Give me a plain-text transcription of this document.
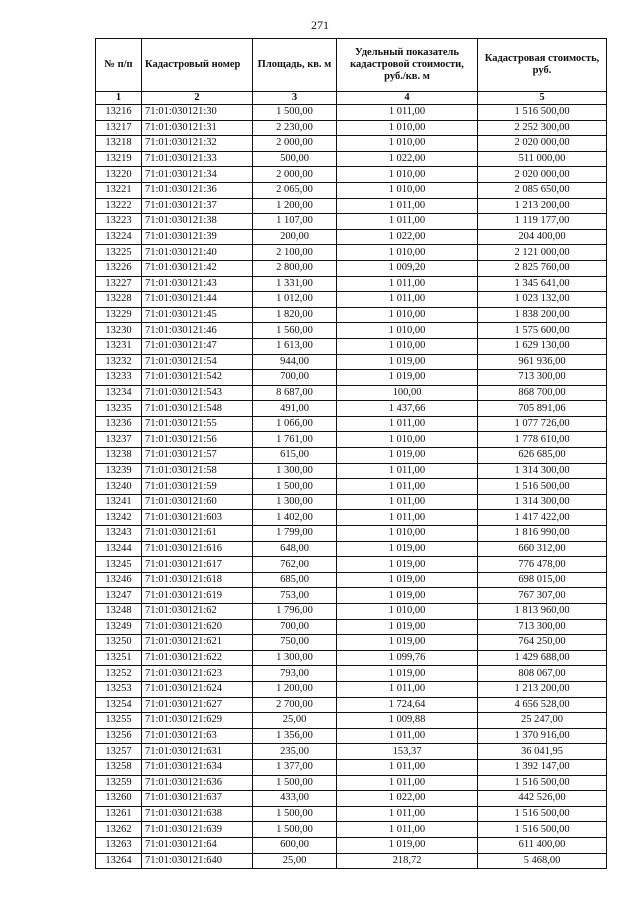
271
№ п/п	Кадастровый номер	Площадь, кв. м	Удельный показатель кадастровой стоимости, руб./кв. м	Кадастровая стоимость, руб.
1	2	3	4	5
13216	71:01:030121:30	1 500,00	1 011,00	1 516 500,00
13217	71:01:030121:31	2 230,00	1 010,00	2 252 300,00
13218	71:01:030121:32	2 000,00	1 010,00	2 020 000,00
13219	71:01:030121:33	500,00	1 022,00	511 000,00
13220	71:01:030121:34	2 000,00	1 010,00	2 020 000,00
13221	71:01:030121:36	2 065,00	1 010,00	2 085 650,00
13222	71:01:030121:37	1 200,00	1 011,00	1 213 200,00
13223	71:01:030121:38	1 107,00	1 011,00	1 119 177,00
13224	71:01:030121:39	200,00	1 022,00	204 400,00
13225	71:01:030121:40	2 100,00	1 010,00	2 121 000,00
13226	71:01:030121:42	2 800,00	1 009,20	2 825 760,00
13227	71:01:030121:43	1 331,00	1 011,00	1 345 641,00
13228	71:01:030121:44	1 012,00	1 011,00	1 023 132,00
13229	71:01:030121:45	1 820,00	1 010,00	1 838 200,00
13230	71:01:030121:46	1 560,00	1 010,00	1 575 600,00
13231	71:01:030121:47	1 613,00	1 010,00	1 629 130,00
13232	71:01:030121:54	944,00	1 019,00	961 936,00
13233	71:01:030121:542	700,00	1 019,00	713 300,00
13234	71:01:030121:543	8 687,00	100,00	868 700,00
13235	71:01:030121:548	491,00	1 437,66	705 891,06
13236	71:01:030121:55	1 066,00	1 011,00	1 077 726,00
13237	71:01:030121:56	1 761,00	1 010,00	1 778 610,00
13238	71:01:030121:57	615,00	1 019,00	626 685,00
13239	71:01:030121:58	1 300,00	1 011,00	1 314 300,00
13240	71:01:030121:59	1 500,00	1 011,00	1 516 500,00
13241	71:01:030121:60	1 300,00	1 011,00	1 314 300,00
13242	71:01:030121:603	1 402,00	1 011,00	1 417 422,00
13243	71:01:030121:61	1 799,00	1 010,00	1 816 990,00
13244	71:01:030121:616	648,00	1 019,00	660 312,00
13245	71:01:030121:617	762,00	1 019,00	776 478,00
13246	71:01:030121:618	685,00	1 019,00	698 015,00
13247	71:01:030121:619	753,00	1 019,00	767 307,00
13248	71:01:030121:62	1 796,00	1 010,00	1 813 960,00
13249	71:01:030121:620	700,00	1 019,00	713 300,00
13250	71:01:030121:621	750,00	1 019,00	764 250,00
13251	71:01:030121:622	1 300,00	1 099,76	1 429 688,00
13252	71:01:030121:623	793,00	1 019,00	808 067,00
13253	71:01:030121:624	1 200,00	1 011,00	1 213 200,00
13254	71:01:030121:627	2 700,00	1 724,64	4 656 528,00
13255	71:01:030121:629	25,00	1 009,88	25 247,00
13256	71:01:030121:63	1 356,00	1 011,00	1 370 916,00
13257	71:01:030121:631	235,00	153,37	36 041,95
13258	71:01:030121:634	1 377,00	1 011,00	1 392 147,00
13259	71:01:030121:636	1 500,00	1 011,00	1 516 500,00
13260	71:01:030121:637	433,00	1 022,00	442 526,00
13261	71:01:030121:638	1 500,00	1 011,00	1 516 500,00
13262	71:01:030121:639	1 500,00	1 011,00	1 516 500,00
13263	71:01:030121:64	600,00	1 019,00	611 400,00
13264	71:01:030121:640	25,00	218,72	5 468,00
